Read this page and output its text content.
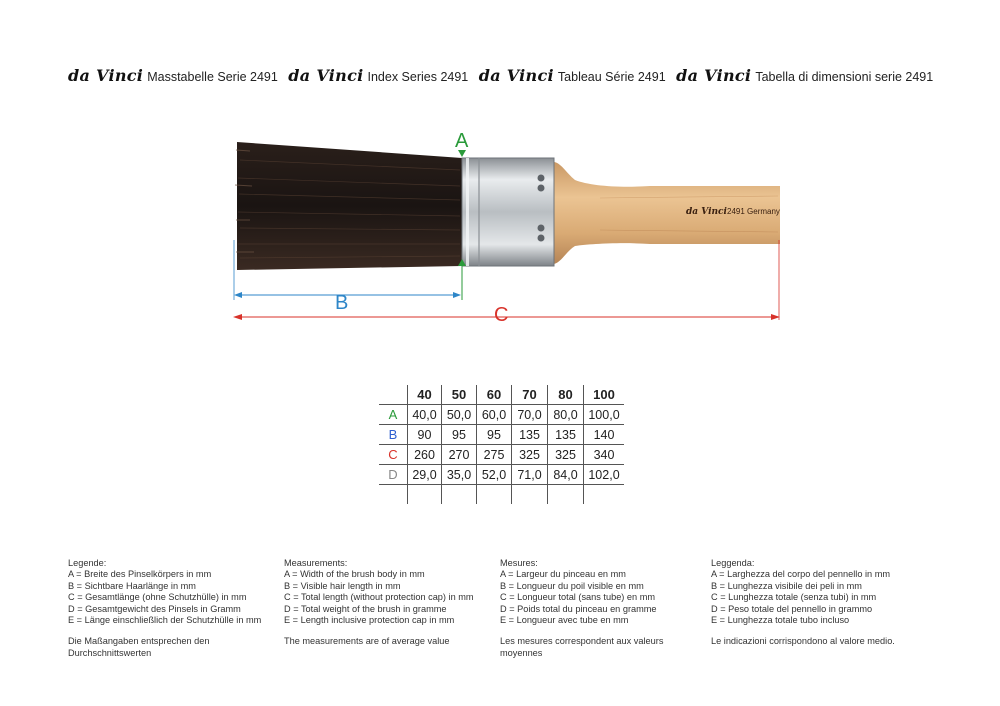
da Vinci Masstabelle Serie 2491 da Vinci Index Series 2491 da Vinci Tableau Série 2491 da Vinci Tabella di dimensioni serie 2491
da Vinci 2491 Germany
A
B
C
	40	50	60	70	80	100
A	40,0	50,0	60,0	70,0	80,0	100,0
B	90	95	95	135	135	140
C	260	270	275	325	325	340
D	29,0	35,0	52,0	71,0	84,0	102,0

Legende:
A = Breite des Pinselkörpers in mm
B = Sichtbare Haarlänge in mm
C = Gesamtlänge (ohne Schutzhülle) in mm
D = Gesamtgewicht des Pinsels in Gramm
E = Länge einschließlich der Schutzhülle in mm
Die Maßangaben entsprechen den Durchschnittswerten
Measurements:
A = Width of the brush body in mm
B = Visible hair length in mm
C = Total length (without protection cap) in mm
D = Total weight of the brush in gramme
E = Length inclusive protection cap in mm
The measurements are of average value
Mesures:
A = Largeur du pinceau en mm
B = Longueur du poil visible en mm
C = Longueur total (sans tube) en mm
D = Poids total du pinceau en gramme
E = Longueur avec tube en mm
Les mesures correspondent aux valeurs moyennes
Leggenda:
A = Larghezza del corpo del pennello in mm
B = Lunghezza visibile dei peli in mm
C = Lunghezza totale (senza tubi) in mm
D = Peso totale del pennello in grammo
E = Lunghezza totale tubo incluso
Le indicazioni corrispondono al valore medio.
